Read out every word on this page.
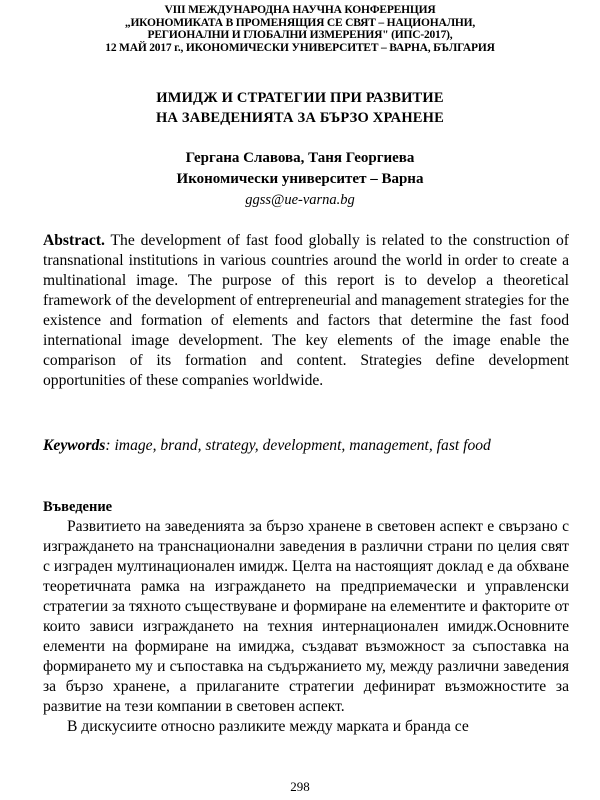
VIII МЕЖДУНАРОДНА НАУЧНА КОНФЕРЕНЦИЯ
„ИКОНОМИКАТА В ПРОМЕНЯЩИЯ СЕ СВЯТ – НАЦИОНАЛНИ,
РЕГИОНАЛНИ И ГЛОБАЛНИ ИЗМЕРЕНИЯ" (ИПС-2017),
12 МАЙ 2017 г., ИКОНОМИЧЕСКИ УНИВЕРСИТЕТ – ВАРНА, БЪЛГАРИЯ
ИМИДЖ И СТРАТЕГИИ ПРИ РАЗВИТИЕ
НА ЗАВЕДЕНИЯТА ЗА БЪРЗО ХРАНЕНЕ
Гергана Славова, Таня Георгиева
Икономически университет – Варна
ggss@ue-varna.bg
Abstract. The development of fast food globally is related to the construction of transnational institutions in various countries around the world in order to create a multinational image. The purpose of this report is to develop a theoretical framework of the development of entrepreneurial and management strategies for the existence and formation of elements and factors that determine the fast food international image development. The key elements of the image enable the comparison of its formation and content. Strategies define development opportunities of these companies worldwide.
Keywords: image, brand, strategy, development, management, fast food
Въведение

Развитието на заведенията за бързо хранене в световен аспект е свързано с изграждането на транснационални заведения в различни страни по целия свят с изграден мултинационален имидж. Целта на настоящият доклад е да обхване теоретичната рамка на изграждането на предприемачески и управленски стратегии за тяхното съществуване и формиране на елементите и факторите от които зависи изграждането на техния интернационален имидж.Основните елементи на формиране на имиджа, създават възможност за съпоставка на формирането му и съпоставка на съдържанието му, между различни заведения за бързо хранене, а прилаганите стратегии дефинират възможностите за развитие на тези компании в световен аспект.

В дискусиите относно разликите между марката и бранда се

298
